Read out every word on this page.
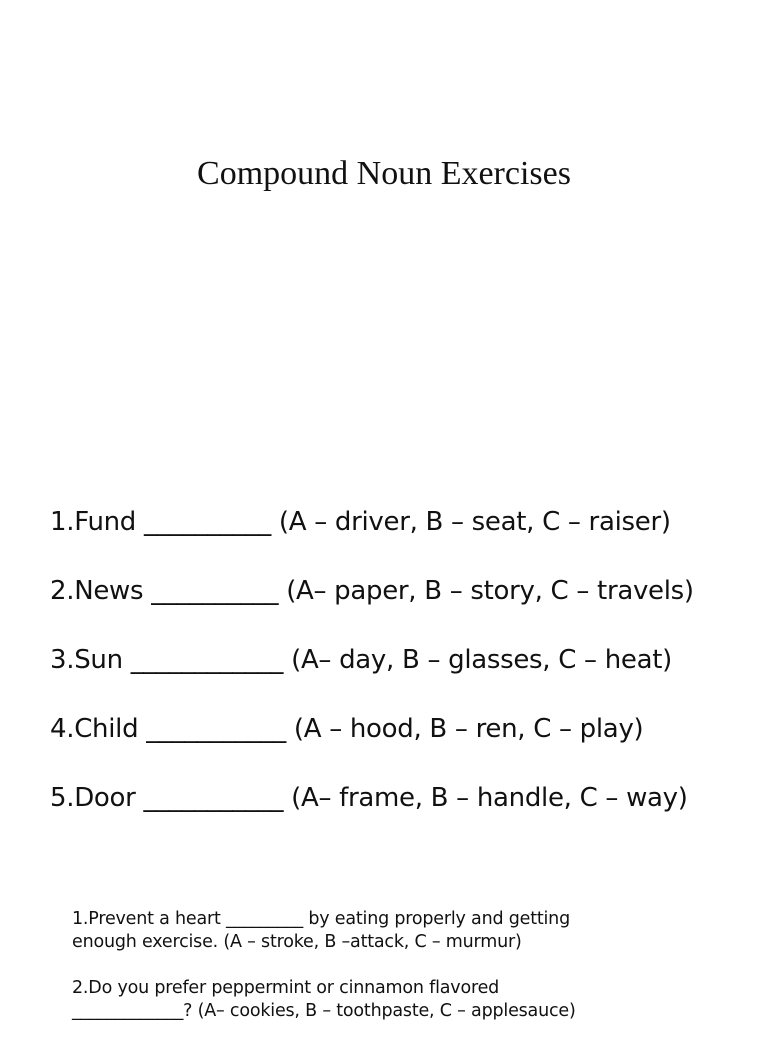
Compound Noun Exercises
1.Fund __________ (A – driver, B – seat, C – raiser)
2.News __________ (A– paper, B – story, C – travels)
3.Sun ____________ (A– day, B – glasses, C – heat)
4.Child ___________ (A – hood, B – ren, C – play)
5.Door ___________ (A– frame, B – handle, C – way)
1.Prevent a heart _________ by eating properly and getting
enough exercise. (A – stroke, B –attack, C – murmur)
2.Do you prefer peppermint or cinnamon flavored
_____________? (A– cookies, B – toothpaste, C – applesauce)
